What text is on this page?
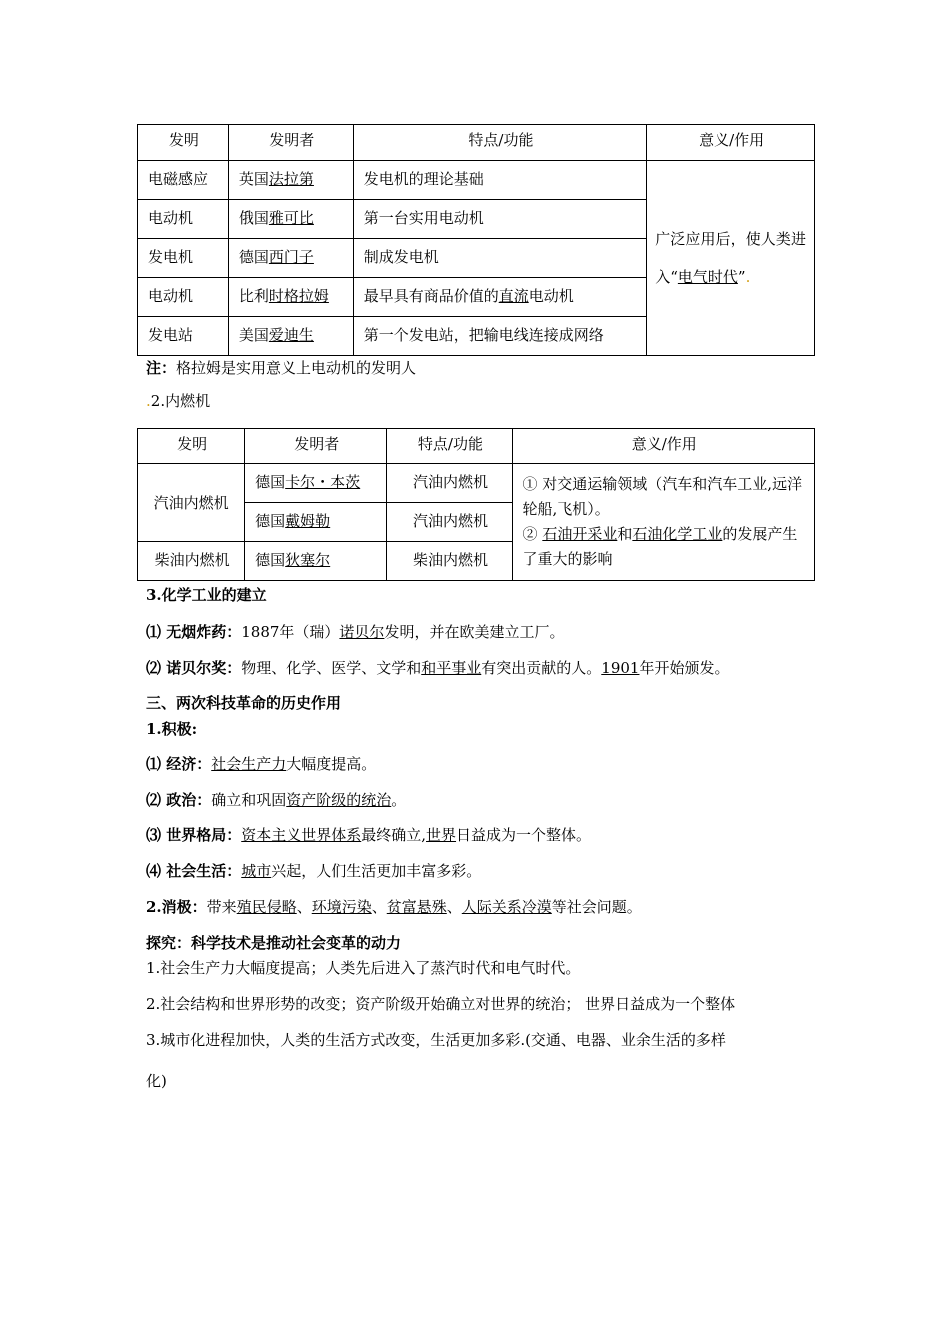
发明	发明者	特点/功能	意义/作用
电磁感应	英国法拉第	发电机的理论基础	广泛应用后，使人类进入“电气时代”.
电动机	俄国雅可比	第一台实用电动机	
发电机	德国西门子	制成发电机	
电动机	比利时格拉姆	最早具有商品价值的直流电动机	
发电站	美国爱迪生	第一个发电站，把输电线连接成网络	
注：格拉姆是实用意义上电动机的发明人
.2.内燃机
发明	发明者	特点/功能	意义/作用
汽油内燃机	德国卡尔・本茨	汽油内燃机	① 对交通运输领域（汽车和汽车工业,远洋轮船,飞机）。
② 石油开采业和石油化学工业的发展产生了重大的影响

	德国戴姆勒	汽油内燃机	
柴油内燃机	德国狄塞尔	柴油内燃机	
3.化学工业的建立
⑴ 无烟炸药：1887年（瑞）诺贝尔发明，并在欧美建立工厂。
⑵ 诺贝尔奖：物理、化学、医学、文学和和平事业有突出贡献的人。1901年开始颁发。
三、两次科技革命的历史作用
1.积极:
⑴ 经济：社会生产力大幅度提高。
⑵ 政治：确立和巩固资产阶级的统治。
⑶ 世界格局：资本主义世界体系最终确立,世界日益成为一个整体。
⑷ 社会生活：城市兴起，人们生活更加丰富多彩。
2.消极：带来殖民侵略、环境污染、贫富悬殊、人际关系冷漠等社会问题。
探究：科学技术是推动社会变革的动力
1.社会生产力大幅度提高；人类先后进入了蒸汽时代和电气时代。
2.社会结构和世界形势的改变；资产阶级开始确立对世界的统治； 世界日益成为一个整体
3.城市化进程加快，人类的生活方式改变，生活更加多彩.(交通、电器、业余生活的多样
化)
